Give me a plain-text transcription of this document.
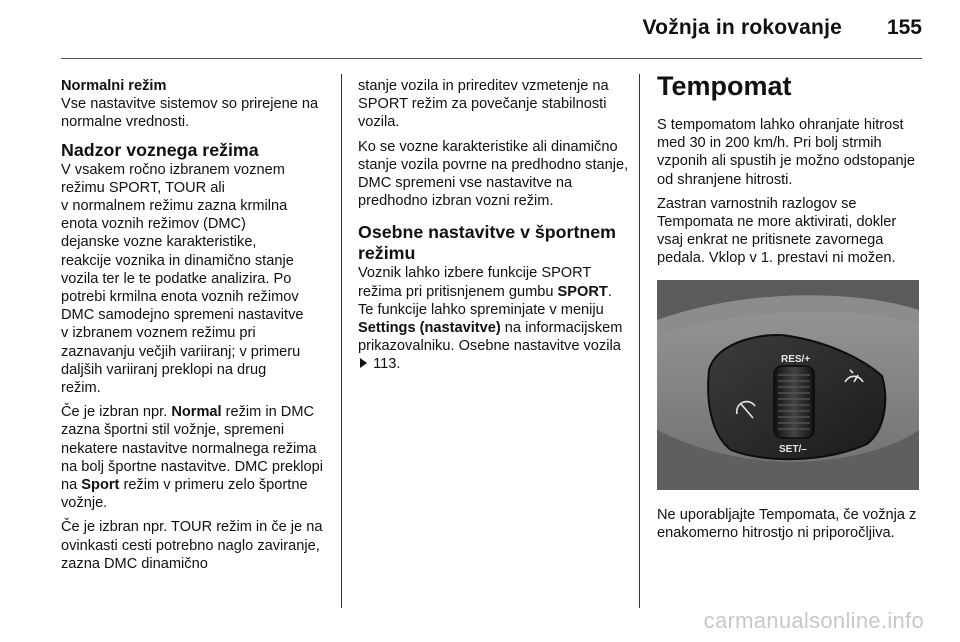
Vožnja in rokovanje 155

Normalni režim

Vse nastavitve sistemov so prirejene na normalne vrednosti.

Nadzor voznega režima

V vsakem ročno izbranem voznem
režimu SPORT, TOUR ali
v normalnem režimu zazna krmilna
enota voznih režimov (DMC)
dejanske vozne karakteristike,
reakcije voznika in dinamično stanje
vozila ter le te podatke analizira. Po
potrebi krmilna enota voznih režimov
DMC samodejno spremeni nastavitve
v izbranem voznem režimu pri
zaznavanju večjih variiranj; v primeru
daljših variiranj preklopi na drug
režim.

Če je izbran npr. Normal režim in DMC zazna športni stil vožnje, spremeni nekatere nastavitve normalnega režima na bolj športne nastavitve. DMC preklopi na Sport režim v primeru zelo športne vožnje.

Če je izbran npr. TOUR režim in če je na ovinkasti cesti potrebno naglo zaviranje, zazna DMC dinamično

stanje vozila in prireditev vzmetenje na SPORT režim za povečanje stabilnosti vozila.

Ko se vozne karakteristike ali dinamično stanje vozila povrne na predhodno stanje, DMC spremeni vse nastavitve na predhodno izbran vozni režim.

Osebne nastavitve v športnem režimu

Voznik lahko izbere funkcije SPORT režima pri pritisnjenem gumbu SPORT. Te funkcije lahko spreminjate v meniju Settings (nastavitve) na informacijskem prikazovalniku. Osebne nastavitve vozila  113.

Tempomat

S tempomatom lahko ohranjate hitrost med 30 in 200 km/h. Pri bolj strmih vzponih ali spustih je možno odstopanje od shranjene hitrosti.

Zastran varnostnih razlogov se Tempomata ne more aktivirati, dokler vsaj enkrat ne pritisnete zavornega pedala. Vklop v 1. prestavi ni možen.

RES/+
SET/–

Ne uporabljajte Tempomata, če vožnja z enakomerno hitrostjo ni priporočljiva.

carmanualsonline.info
